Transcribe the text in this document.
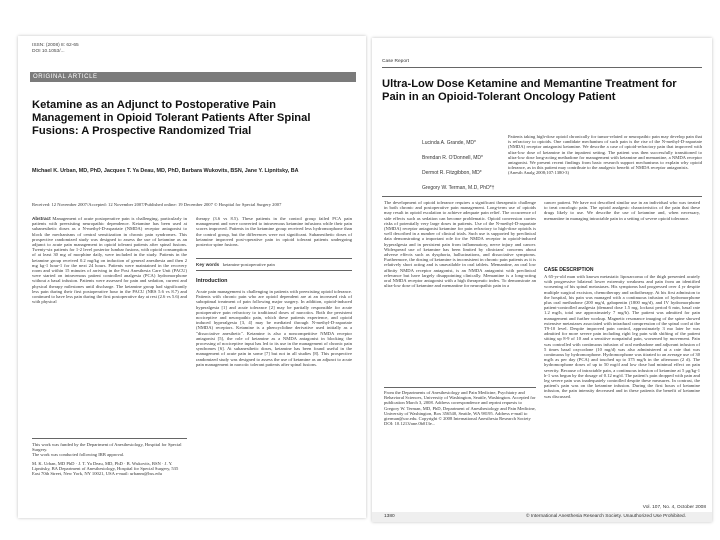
ISSN: (2008) 8: 62-65
DOI 10.1053/...
ORIGINAL ARTICLE
Ketamine as an Adjunct to Postoperative Pain Management in Opioid Tolerant Patients After Spinal Fusions: A Prospective Randomized Trial
Michael K. Urban, MD, PhD, Jacques T. Ya Deau, MD, PhD, Barbara Wukovits, BSN, Jane Y. Lipnitsky, BA
Received: 12 November 2007/Accepted: 12 November 2007/Published online: 19 December 2007 © Hospital for Special Surgery 2007
Abstract Management of acute postoperative pain is challenging, particularly in patients with preexisting neuropathic dependence. Ketamine has been used at subanesthetic doses as a N-methyl-D-aspartate (NMDA) receptor antagonist to block the mechanisms of central sensitization in chronic pain syndromes. This prospective randomized study was designed to assess the use of ketamine as an adjunct to acute pain management in opioid tolerant patients after spinal fusions. Twenty-six patients for 1-2 level posterior lumbar fusions, with opioid consumption of at least 30 mg of morphine daily, were included in the study. Patients in the ketamine group received 0.2 mg/kg on induction of general anesthesia and then 2 mg kg-1 hour-1 for the next 24 hours. Patients were maintained in the recovery room and within 15 minutes of arriving in the Post Anesthesia Care Unit (PACU) were started on intravenous patient controlled analgesia (PCA) hydromorphone without a basal infusion. Patients were assessed for pain and sedation, current and physical therapy milestones until discharge. The ketamine group had significantly less pain during their first postoperative hour in the PACU (NRS 5.6 vs 8.7) and continued to have less pain during the first postoperative day at rest (2.6 vs 5.6) and with physical
therapy (3.6 vs 8.5). These patients in the control group failed PCA pain management and were converted to intravenous ketamine infusions while their pain scores improved. Patients in the ketamine group received less hydromorphone than the control group, but the differences were not significant. Subanesthetic doses of ketamine improved post-operative pain in opioid tolerant patients undergoing posterior spine fusions.
Key words ketamine·postoperative pain
Introduction
Acute pain management is challenging in patients with preexisting opioid tolerance. Patients with chronic pain who are opioid dependent are at an increased risk of suboptimal treatment of pain following major surgery. In addition, opioid-induced hyperalgesia [1] and acute tolerance [2] may be partially responsible for acute postoperative pain refractory to traditional doses of narcotics. Both the persistent nociceptive and neuropathic pain, which these patients experience, and opioid induced hyperalgesia [3, 4] may be mediated through N-methyl-D-aspartate (NMDA) receptors. Ketamine is a phencyclidine derivative used initially as a "dissociative anesthetic". Ketamine is also a noncompetitive NMDA receptor antagonist [5], the role of ketamine as a NMDA antagonist in blocking the processing of nociceptive input has led to its use in the management of chronic pain syndromes [6]. At subanesthetic doses, ketamine has been found useful in the management of acute pain in some [7] but not in all studies [8]. This prospective randomized study was designed to assess the use of ketamine as an adjunct to acute pain management in narcotic tolerant patients after spinal fusions.
This work was funded by the Department of Anesthesiology, Hospital for Special Surgery.
The work was conducted following IRB approval.
M. K. Urban, MD PhD · J. T. Ya Deau, MD, PhD · B. Wukovits, BSN · J. Y. Lipnitsky, BA Department of Anesthesiology, Hospital for Special Surgery, 535 East 70th Street, New York, NY 10021, USA e-mail: urbanm@hss.edu
Case Report
Ultra-Low Dose Ketamine and Memantine Treatment for Pain in an Opioid-Tolerant Oncology Patient
Lucinda A. Grande, MD*
Brendan R. O'Donnell, MD*
Dermot R. Fitzgibbon, MD*
Gregory W. Terman, M.D, PhD*†
Patients taking high-dose opioid chronically for tumor-related or neuropathic pain may develop pain that is refractory to opioids. One candidate mechanism of such pain is the rise of the N-methyl-D-aspartate (NMDA) receptor antagonist ketamine. We describe a case of opioid-refractory pain that improved with ultra-low dose of ketamine in the inpatient setting. The patient was then successfully transitioned to ultra-low dose long-acting methadone for management with ketamine and memantine, a NMDA receptor antagonist. We present recent findings from basic research support mechanisms to explain why opioid tolerance, as in this patient may contribute to the analgesic benefit of NMDA receptor antagonists.
(Anesth Analg 2008;107:1380-3)
The development of opioid tolerance requires a significant therapeutic challenge in both chronic and postoperative pain management. Long-term use of opioids may result in opioid escalation to achieve adequate pain relief. The occurrence of side effects such as sedation can become problematic. Opioid conversion carries risks of potentially very large doses in patients. Use of the N-methyl-D-aspartate (NMDA) receptor antagonist ketamine for pain refractory to high-dose opioids is well described in a number of clinical trials. Such use is supported by preclinical data demonstrating a important role for the NMDA receptor in opioid-induced hyperalgesia and in persistent pain from inflammatory, nerve injury and cancer. Widespread use of ketamine has been limited by clinicians' concerns about adverse effects such as dysphoria, hallucinations, and dissociative symptoms. Furthermore, the dosing of ketamine is inconsistent in chronic pain patients as it is relatively short acting and is unavailable in oral tablets. Memantine, an oral low affinity NMDA receptor antagonist, is an NMDA antagonist with preclinical relevance but have largely disappointing clinically. Memantine is a long-acting oral NMDA receptor antagonist with a high therapeutic index. To demonstrate an ultra-low dose of ketamine and memantine for neuropathic pain in a
cancer patient. We have not described similar use in an individual who was treated to treat oncologic pain. The opioid analgesic characteristics of the pain that these drugs likely to use. We describe the use of ketamine and, when necessary, memantine in managing intractable pain in a setting of severe opioid tolerance.
CASE DESCRIPTION
A 65-yr-old man with known metastatic liposarcoma of the thigh presented acutely with progressive bilateral lower extremity weakness and pain from an identified worsening of his spinal metastases. His symptoms had progressed over 4 yr despite multiple surgical excision, chemotherapy and radiotherapy. At his first admission to the hospital, his pain was managed with a continuous infusion of hydromorphone plus oral methadone (200 mg/d, gabapentin (1800 mg/d), and IV hydromorphone patient-controlled analgesia (demand dose 1.5 mg, lockout period 6 min, basal rate 1.2 mg/h, total use approximately 7 mg/h). The patient was admitted for pain management and further workup. Magnetic resonance imaging of the spine showed extensive metastases associated with intradural compression of the spinal cord at the T9-10 level. Despite improved pain control, approximately 3 mo later he was admitted for more severe pain including right leg pain with shifting of the patient sitting up 8-9 of 10 and a sensitive nonpainful pain, worsened by movement. Pain was controlled with continuous infusion of oral methadone and adjuvant infusion of 5 times basal oxycodone (10 mg/d) was also administered at a rate that was continuous by hydromorphone. Hydromorphone was titrated to an average use of 30 mg/h as per day (PCA) and touched up to 375 mg/h in the afternoon (2 d). The hydromorphone doses of up to 50 mg/d and low dose had minimal effect on pain severity. Because of intractable pain, a continuous infusion of ketamine at 5 μg/kg-1 h-1 was begun by the dosage of 0.12 mg/d. The patient's pain dropped with pain and leg severe pain was inadequately controlled despite these measures. In contrast, the patient's pain was on the ketamine infusion. During the first hours of ketamine infusion, the pain intensity decreased and in these patients the benefit of ketamine was discussed.
From the Departments of Anesthesiology and Pain Medicine, Psychiatry and Behavioral Sciences, University of Washington, Seattle, Washington. Accepted for publication March 3, 2008. Address correspondence and reprint requests to Gregory W. Terman, MD, PhD, Department of Anesthesiology and Pain Medicine, University of Washington, Box 356540, Seattle, WA 98195. Address e-mail to gterman@uw.edu. Copyright © 2008 International Anesthesia Research Society DOI: 10.1213/ane.0b013e...
1380	© International Anesthesia Research Society. Unauthorized Use Prohibited.
Vol. 107, No. 4, October 2008
